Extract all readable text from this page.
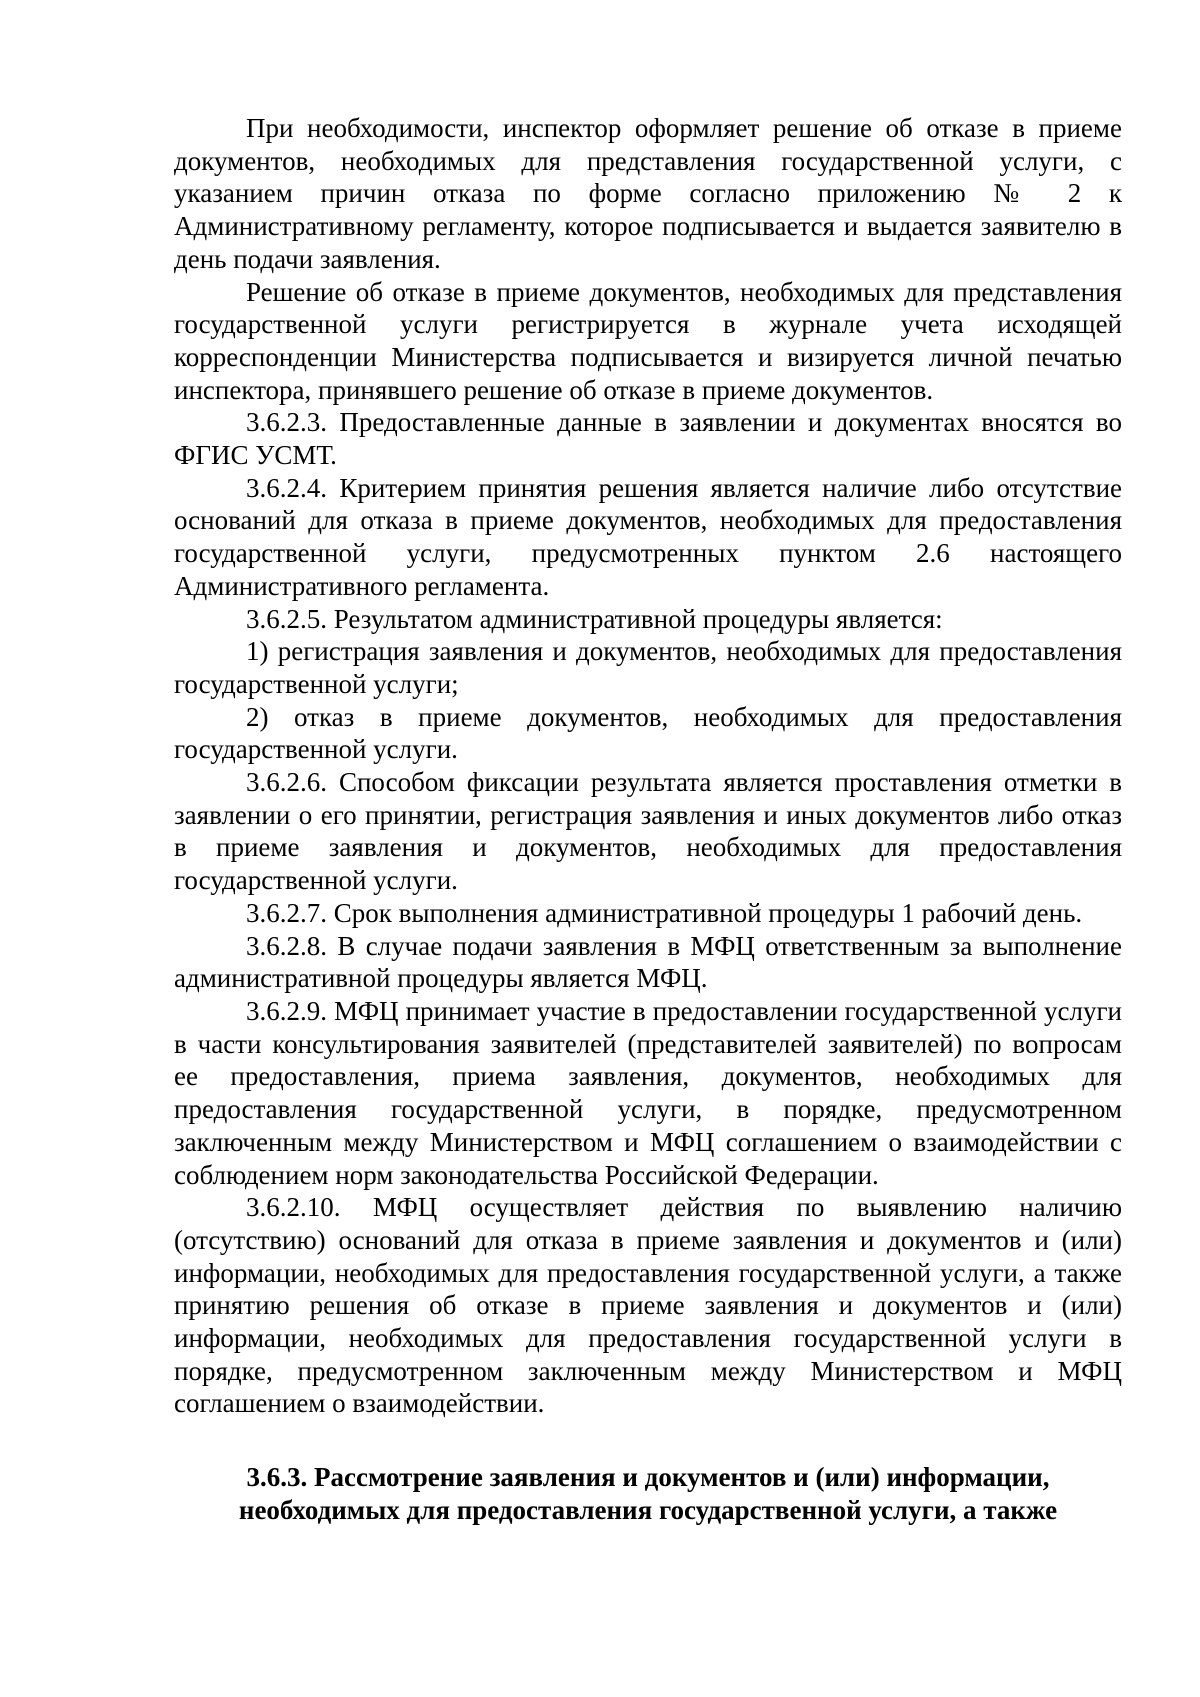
При необходимости, инспектор оформляет решение об отказе в приеме документов, необходимых для представления государственной услуги, с указанием причин отказа по форме согласно приложению № 2 к Административному регламенту, которое подписывается и выдается заявителю в день подачи заявления.

Решение об отказе в приеме документов, необходимых для представления государственной услуги регистрируется в журнале учета исходящей корреспонденции Министерства подписывается и визируется личной печатью инспектора, принявшего решение об отказе в приеме документов.

3.6.2.3. Предоставленные данные в заявлении и документах вносятся во ФГИС УСМТ.

3.6.2.4. Критерием принятия решения является наличие либо отсутствие оснований для отказа в приеме документов, необходимых для предоставления государственной услуги, предусмотренных пунктом 2.6 настоящего Административного регламента.

3.6.2.5. Результатом административной процедуры является:

1) регистрация заявления и документов, необходимых для предоставления государственной услуги;

2) отказ в приеме документов, необходимых для предоставления государственной услуги.

3.6.2.6. Способом фиксации результата является проставления отметки в заявлении о его принятии, регистрация заявления и иных документов либо отказ в приеме заявления и документов, необходимых для предоставления государственной услуги.

3.6.2.7. Срок выполнения административной процедуры 1 рабочий день.

3.6.2.8. В случае подачи заявления в МФЦ ответственным за выполнение административной процедуры является МФЦ.

3.6.2.9. МФЦ принимает участие в предоставлении государственной услуги в части консультирования заявителей (представителей заявителей) по вопросам ее предоставления, приема заявления, документов, необходимых для предоставления государственной услуги, в порядке, предусмотренном заключенным между Министерством и МФЦ соглашением о взаимодействии с соблюдением норм законодательства Российской Федерации.

3.6.2.10. МФЦ осуществляет действия по выявлению наличию (отсутствию) оснований для отказа в приеме заявления и документов и (или) информации, необходимых для предоставления государственной услуги, а также принятию решения об отказе в приеме заявления и документов и (или) информации, необходимых для предоставления государственной услуги в порядке, предусмотренном заключенным между Министерством и МФЦ соглашением о взаимодействии.

3.6.3. Рассмотрение заявления и документов и (или) информации,
необходимых для предоставления государственной услуги, а также
